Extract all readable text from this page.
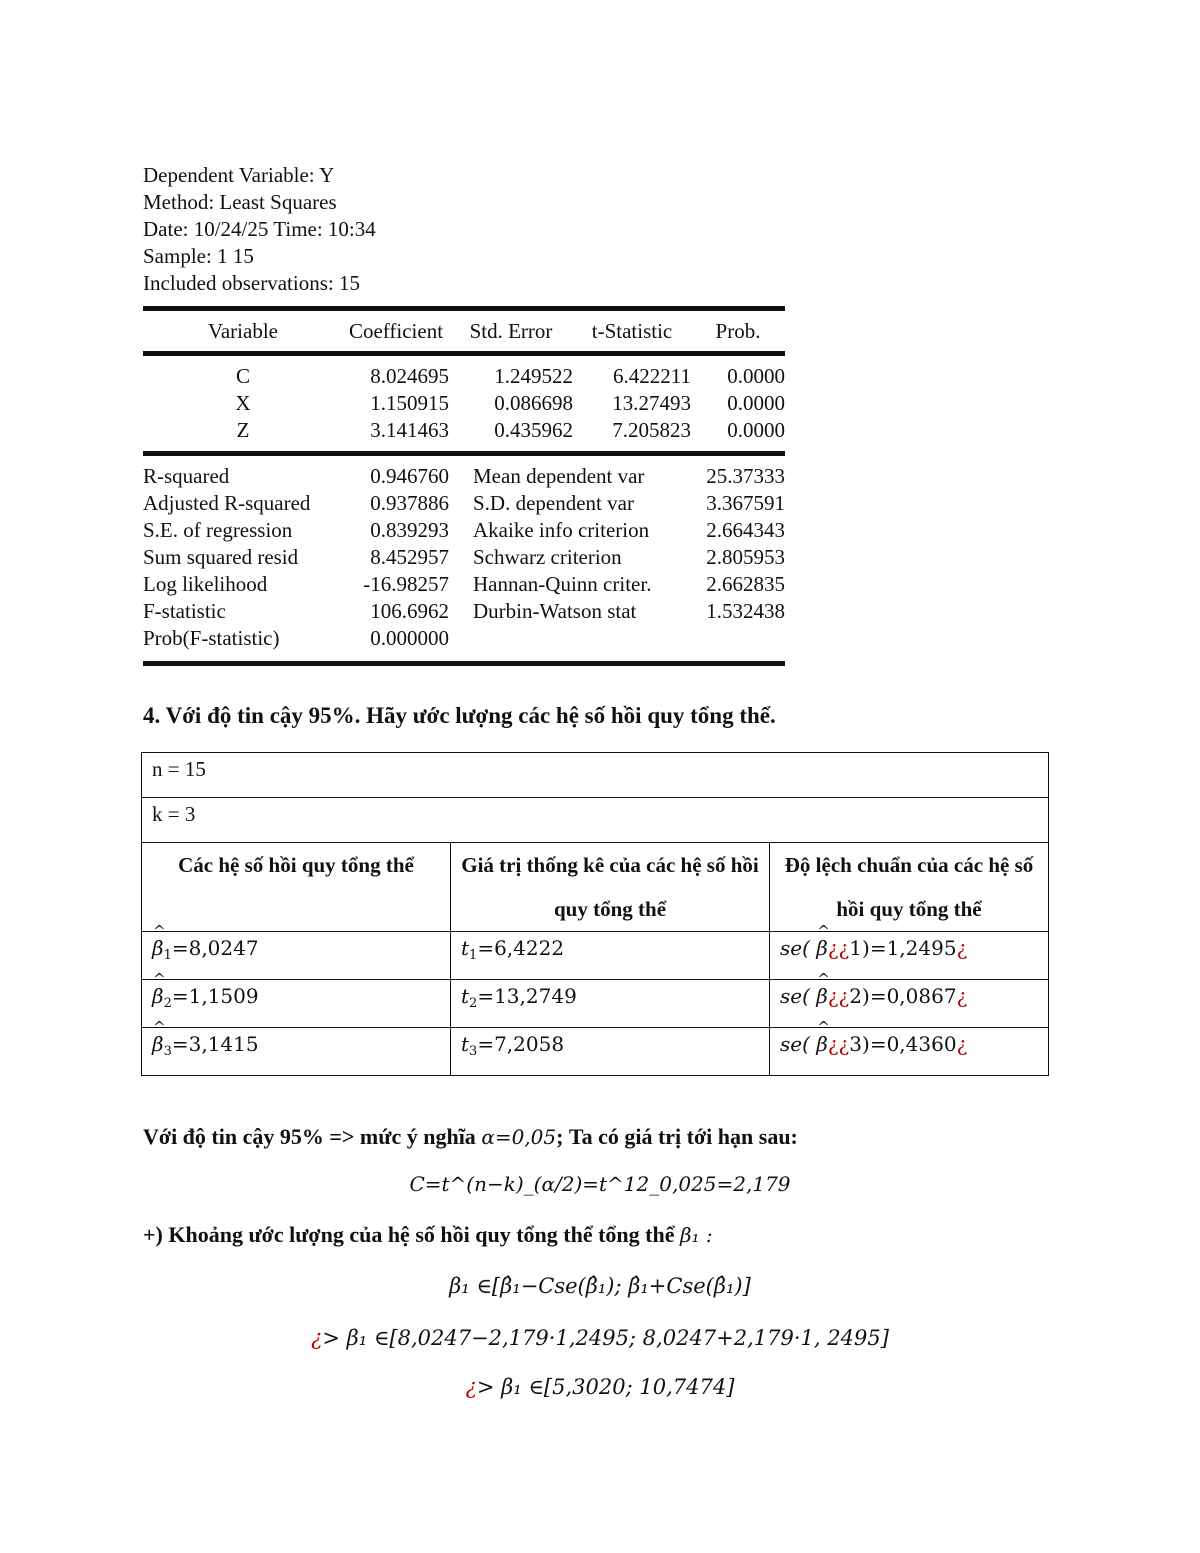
Dependent Variable: Y
Method: Least Squares
Date: 10/24/25 Time: 10:34
Sample: 1 15
Included observations: 15
Variable	Coefficient	Std. Error	t-Statistic	Prob.
C	8.024695	1.249522	6.422211	0.0000
X	1.150915	0.086698	13.27493	0.0000
Z	3.141463	0.435962	7.205823	0.0000
R-squared	0.946760	Mean dependent var	25.37333
Adjusted R-squared	0.937886	S.D. dependent var	3.367591
S.E. of regression	0.839293	Akaike info criterion	2.664343
Sum squared resid	8.452957	Schwarz criterion	2.805953
Log likelihood	-16.98257	Hannan-Quinn criter.	2.662835
F-statistic	106.6962	Durbin-Watson stat	1.532438
Prob(F-statistic)	0.000000
4. Với độ tin cậy 95%. Hãy ước lượng các hệ số hồi quy tổng thể.
n = 15		
k = 3		
Các hệ số hồi quy tổng thể	Giá trị thống kê của các hệ số hồi quy tổng thể	Độ lệch chuẩn của các hệ số hồi quy tổng thể
^ $\beta_1=8,0247$	$t_1=6,4222$	se( ^ β¿¿1)=1,2495¿
^ $\beta_2=1,1509$	$t_2=13,2749$	se( ^ β¿¿2)=0,0867¿
^ $\beta_3=3,1415$	$t_3=7,2058$	se( ^ β¿¿3)=0,4360¿
Với độ tin cậy 95% => mức ý nghĩa α=0,05; Ta có giá trị tới hạn sau:
C=t^(n−k)_(α/2)=t^12_0,025=2,179
+) Khoảng ước lượng của hệ số hồi quy tổng thể tổng thể β₁ :
β₁ ∈[β̂₁−Cse(β̂₁); β̂₁+Cse(β̂₁)]
¿> β₁ ∈[8,0247−2,179·1,2495; 8,0247+2,179·1, 2495]
¿> β₁ ∈[5,3020; 10,7474]
